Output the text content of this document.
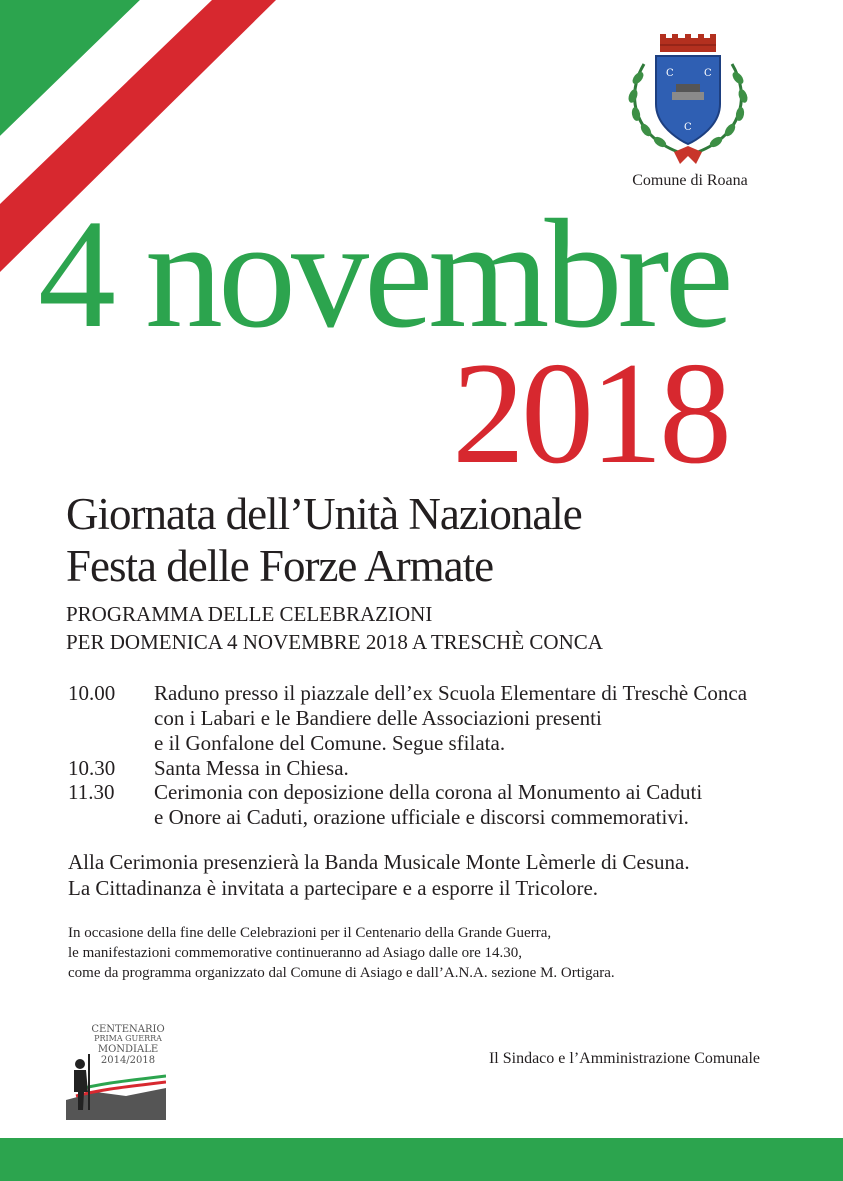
C	C
C
Comune di Roana
4 novembre
2018
Giornata dell’Unità Nazionale
Festa delle Forze Armate
PROGRAMMA DELLE CELEBRAZIONI
PER DOMENICA 4 NOVEMBRE 2018 A TRESCHÈ CONCA
10.00 Raduno presso il piazzale dell’ex Scuola Elementare di Treschè Conca
con i Labari e le Bandiere delle Associazioni presenti
e il Gonfalone del Comune. Segue sfilata.
10.30 Santa Messa in Chiesa.
11.30 Cerimonia con deposizione della corona al Monumento ai Caduti
e Onore ai Caduti, orazione ufficiale e discorsi commemorativi.
Alla Cerimonia presenzierà la Banda Musicale Monte Lèmerle di Cesuna.
La Cittadinanza è invitata a partecipare e a esporre il Tricolore.
In occasione della fine delle Celebrazioni per il Centenario della Grande Guerra,
le manifestazioni commemorative continueranno ad Asiago dalle ore 14.30,
come da programma organizzato dal Comune di Asiago e dall’A.N.A. sezione M. Ortigara.
CENTENARIO
PRIMA GUERRA
MONDIALE
2014/2018	Il Sindaco e l’Amministrazione Comunale
